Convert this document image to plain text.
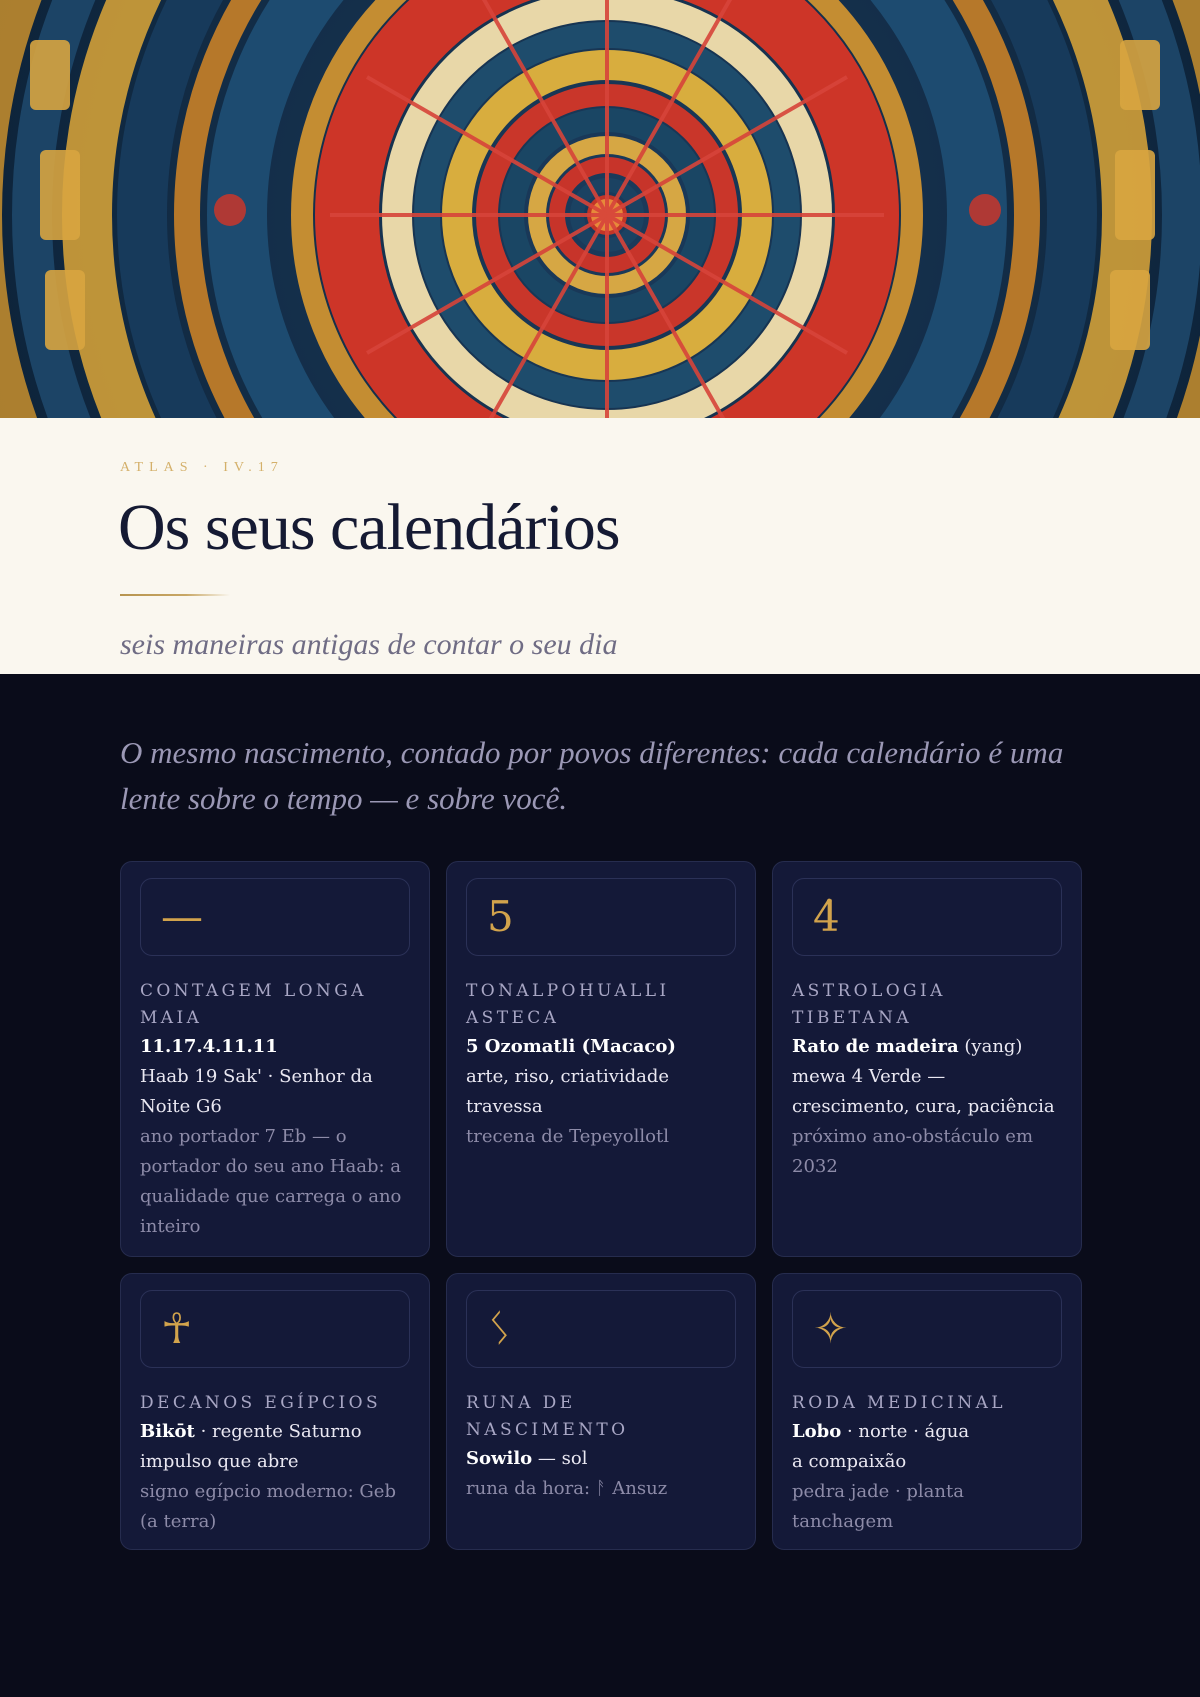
ATLAS · IV.17
Os seus calendários
seis maneiras antigas de contar o seu dia

O mesmo nascimento, contado por povos diferentes: cada calendário é uma lente sobre o tempo — e sobre você.

—
CONTAGEM LONGA MAIA
11.17.4.11.11
Haab 19 Sak' · Senhor da Noite G6
ano portador 7 Eb — o portador do seu ano Haab: a qualidade que carrega o ano inteiro
5
TONALPOHUALLI ASTECA
5 Ozomatli (Macaco)
arte, riso, criatividade travessa
trecena de Tepeyollotl
4̇
ASTROLOGIA TIBETANA
Rato de madeira (yang)
mewa 4 Verde — crescimento, cura, paciência
próximo ano-obstáculo em 2032
☥
DECANOS EGÍPCIOS
Bikōt · regente Saturno
impulso que abre
signo egípcio moderno: Geb (a terra)
ᛊ
RUNA DE NASCIMENTO
Sowilo — sol
runa da hora: ᚨ Ansuz
✧
RODA MEDICINAL
Lobo · norte · água
a compaixão
pedra jade · planta tanchagem
